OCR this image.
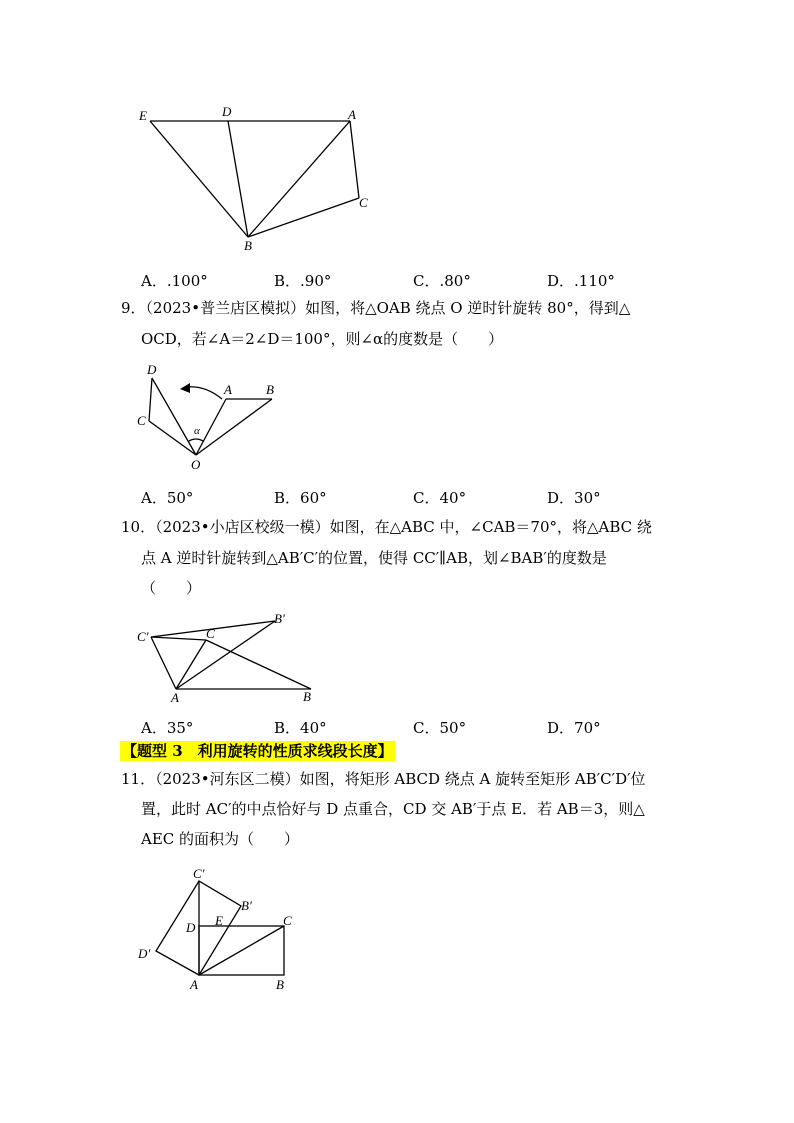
E	D	A
C
B
A．.100°	B．.90°	C．.80°	D．.110°
9．（2023•普兰店区模拟）如图，将△OAB 绕点 O 逆时针旋转 80°，得到△
OCD，若∠A＝2∠D＝100°，则∠α的度数是（　　）
D
A	B
C
α
O
A．50°	B．60°	C．40°	D．30°
10．（2023•小店区校级一模）如图，在△ABC 中，∠CAB＝70°，将△ABC 绕
点 A 逆时针旋转到△AB′C′的位置，使得 CC′∥AB，划∠BAB′的度数是
（　　）
C′	C
B′
A	B
A．35°	B．40°	C．50°	D．70°
【题型 3　利用旋转的性质求线段长度】
11．（2023•河东区二模）如图，将矩形 ABCD 绕点 A 旋转至矩形 AB′C′D′位
置，此时 AC′的中点恰好与 D 点重合，CD 交 AB′于点 E．若 AB＝3，则△
AEC 的面积为（　　）
C′
B′
C
E
D
D′
A	B
